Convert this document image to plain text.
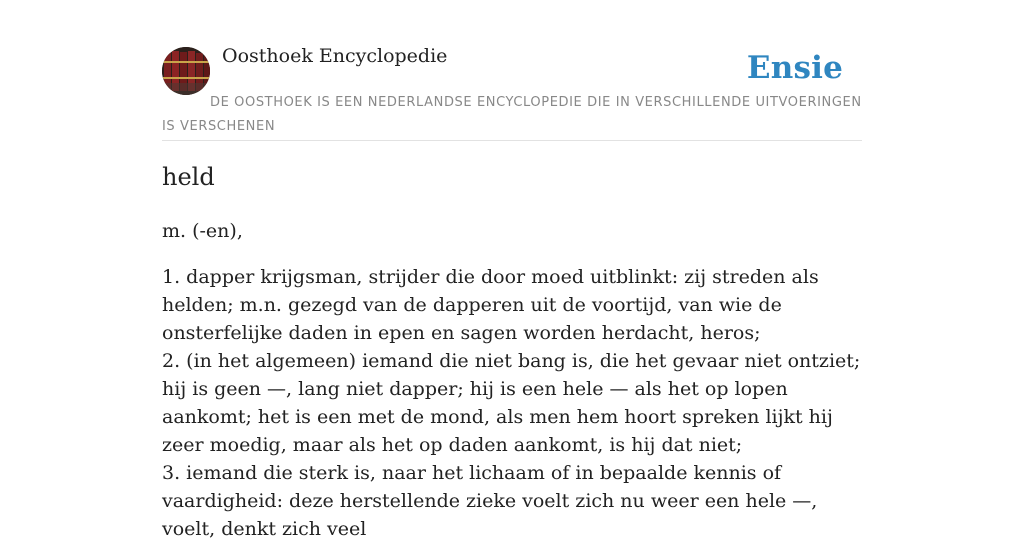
Oosthoek Encyclopedie	Ensie
DE OOSTHOEK IS EEN NEDERLANDSE ENCYCLOPEDIE DIE IN VERSCHILLENDE UITVOERINGEN IS VERSCHENEN
held

m. (-en),

1. dapper krijgsman, strijder die door moed uitblinkt: zij streden als helden; m.n. gezegd van de dapperen uit de voortijd, van wie de onsterfelijke daden in epen en sagen worden herdacht, heros;
2. (in het algemeen) iemand die niet bang is, die het gevaar niet ontziet; hij is geen —, lang niet dapper; hij is een hele — als het op lopen aankomt; het is een met de mond, als men hem hoort spreken lijkt hij zeer moedig, maar als het op daden aankomt, is hij dat niet;
3. iemand die sterk is, naar het lichaam of in bepaalde kennis of vaardigheid: deze herstellende zieke voelt zich nu weer een hele —, voelt, denkt zich veel
